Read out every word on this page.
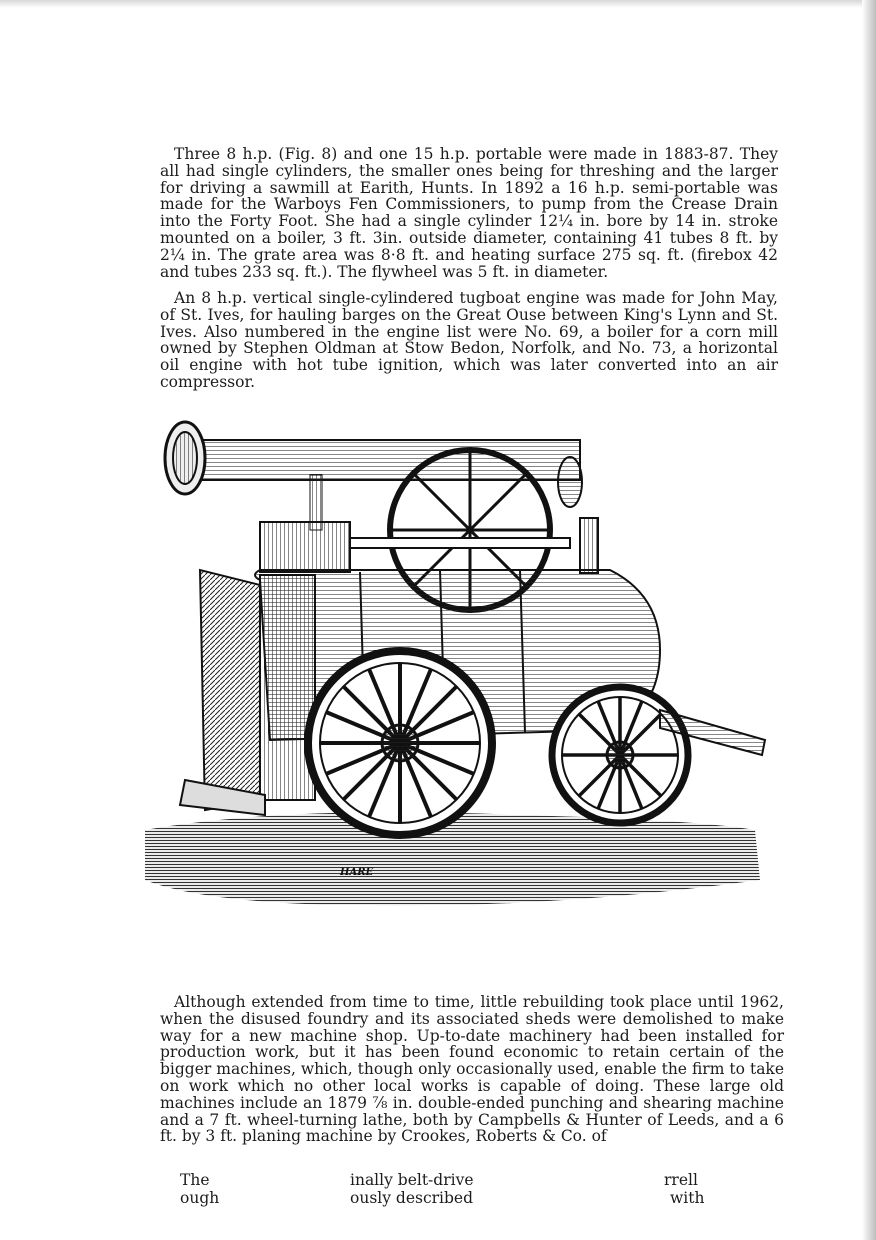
Three 8 h.p. (Fig. 8) and one 15 h.p. portable were made in 1883-87. They all had single cylinders, the smaller ones being for threshing and the larger for driving a sawmill at Earith, Hunts. In 1892 a 16 h.p. semi-portable was made for the Warboys Fen Commissioners, to pump from the Crease Drain into the Forty Foot. She had a single cylinder 12¼ in. bore by 14 in. stroke mounted on a boiler, 3 ft. 3in. outside diameter, containing 41 tubes 8 ft. by 2¼ in. The grate area was 8·8 ft. and heating surface 275 sq. ft. (firebox 42 and tubes 233 sq. ft.). The flywheel was 5 ft. in diameter.

An 8 h.p. vertical single-cylindered tugboat engine was made for John May, of St. Ives, for hauling barges on the Great Ouse between King's Lynn and St. Ives. Also numbered in the engine list were No. 69, a boiler for a corn mill owned by Stephen Oldman at Stow Bedon, Norfolk, and No. 73, a horizontal oil engine with hot tube ignition, which was later converted into an air compressor.

HARE

Although extended from time to time, little rebuilding took place until 1962, when the disused foundry and its associated sheds were demolished to make way for a new machine shop. Up-to-date machinery had been installed for production work, but it has been found economic to retain certain of the bigger machines, which, though only occasionally used, enable the firm to take on work which no other local works is capable of doing. These large old machines include an 1879 ⅞ in. double-ended punching and shearing machine and a 7 ft. wheel-turning lathe, both by Campbells & Hunter of Leeds, and a 6 ft. by 3 ft. planing machine by Crookes, Roberts & Co. of

The	inally belt-drive	rrell

ough	ously described	with
